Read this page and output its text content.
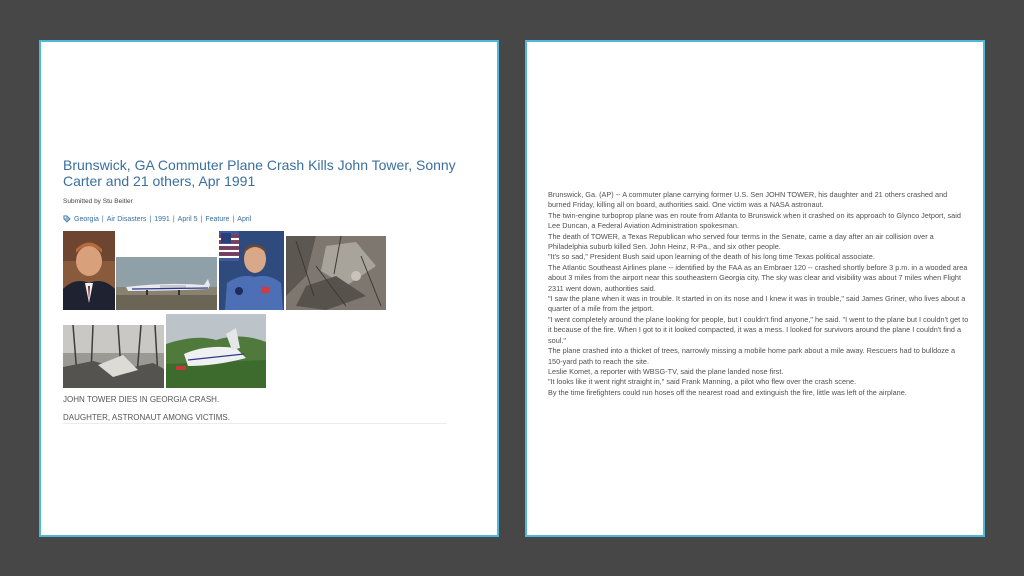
Brunswick, GA Commuter Plane Crash Kills John Tower, Sonny Carter and 21 others, Apr 1991
Submitted by Stu Beitler
Georgia | Air Disasters | 1991 | April 5 | Feature | April
JOHN TOWER DIES IN GEORGIA CRASH.
DAUGHTER, ASTRONAUT AMONG VICTIMS.

Brunswick, Ga. (AP) -- A commuter plane carrying former U.S. Sen JOHN TOWER, his daughter and 21 others crashed and burned Friday, killing all on board, authorities said. One victim was a NASA astronaut.

The twin-engine turboprop plane was en route from Atlanta to Brunswick when it crashed on its approach to Glynco Jetport, said Lee Duncan, a Federal Aviation Administration spokesman.

The death of TOWER, a Texas Republican who served four terms in the Senate, came a day after an air collision over a Philadelphia suburb killed Sen. John Heinz, R-Pa., and six other people.

"It's so sad," President Bush said upon learning of the death of his long time Texas political associate.

The Atlantic Southeast Airlines plane -- identified by the FAA as an Embraer 120 -- crashed shortly before 3 p.m. in a wooded area about 3 miles from the airport near this southeastern Georgia city. The sky was clear and visibility was about 7 miles when Flight 2311 went down, authorities said.

"I saw the plane when it was in trouble. It started in on its nose and I knew it was in trouble," said James Griner, who lives about a quarter of a mile from the jetport.

"I went completely around the plane looking for people, but I couldn't find anyone," he said. "I went to the plane but I couldn't get to it because of the fire. When I got to it it looked compacted, it was a mess. I looked for survivors around the plane I couldn't find a soul."

The plane crashed into a thicket of trees, narrowly missing a mobile home park about a mile away. Rescuers had to bulldoze a 150-yard path to reach the site.

Leslie Komet, a reporter with WBSG-TV, said the plane landed nose first.

"It looks like it went right straight in," said Frank Manning, a pilot who flew over the crash scene.

By the time firefighters could run hoses off the nearest road and extinguish the fire, little was left of the airplane.
